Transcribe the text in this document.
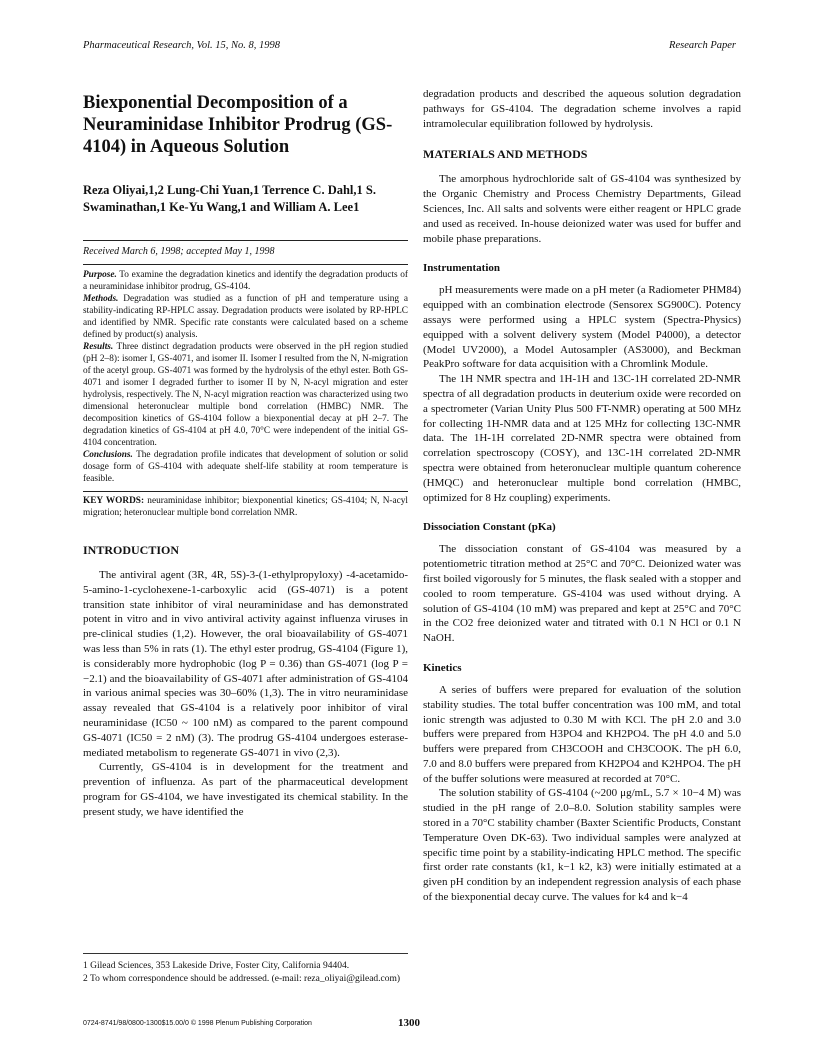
Pharmaceutical Research, Vol. 15, No. 8, 1998	Research Paper
Biexponential Decomposition of a Neuraminidase Inhibitor Prodrug (GS-4104) in Aqueous Solution
Reza Oliyai,1,2 Lung-Chi Yuan,1 Terrence C. Dahl,1 S. Swaminathan,1 Ke-Yu Wang,1 and William A. Lee1
Received March 6, 1998; accepted May 1, 1998

Purpose. To examine the degradation kinetics and identify the degradation products of a neuraminidase inhibitor prodrug, GS-4104.

Methods. Degradation was studied as a function of pH and temperature using a stability-indicating RP-HPLC assay. Degradation products were isolated by RP-HPLC and identified by NMR. Specific rate constants were calculated based on a scheme defined by product(s) analysis.

Results. Three distinct degradation products were observed in the pH region studied (pH 2–8): isomer I, GS-4071, and isomer II. Isomer I resulted from the N, N-migration of the acetyl group. GS-4071 was formed by the hydrolysis of the ethyl ester. Both GS-4071 and isomer I degraded further to isomer II by N, N-acyl migration and ester hydrolysis, respectively. The N, N-acyl migration reaction was characterized using two dimensional heteronuclear multiple bond correlation (HMBC) NMR. The decomposition kinetics of GS-4104 follow a biexponential decay at pH 2–7. The degradation kinetics of GS-4104 at pH 4.0, 70°C were independent of the initial GS-4104 concentration.

Conclusions. The degradation profile indicates that development of solution or solid dosage form of GS-4104 with adequate shelf-life stability at room temperature is feasible.

KEY WORDS: neuraminidase inhibitor; biexponential kinetics; GS-4104; N, N-acyl migration; heteronuclear multiple bond correlation NMR.
INTRODUCTION

The antiviral agent (3R, 4R, 5S)-3-(1-ethylpropyloxy) -4-acetamido-5-amino-1-cyclohexene-1-carboxylic acid (GS-4071) is a potent transition state inhibitor of viral neuraminidase and has demonstrated potent in vitro and in vivo antiviral activity against influenza viruses in pre-clinical studies (1,2). However, the oral bioavailability of GS-4071 was less than 5% in rats (1). The ethyl ester prodrug, GS-4104 (Figure 1), is considerably more hydrophobic (log P = 0.36) than GS-4071 (log P = −2.1) and the bioavailability of GS-4071 after administration of GS-4104 in various animal species was 30–60% (1,3). The in vitro neuraminidase assay revealed that GS-4104 is a relatively poor inhibitor of viral neuraminidase (IC50 ~ 100 nM) as compared to the parent compound GS-4071 (IC50 = 2 nM) (3). The prodrug GS-4104 undergoes esterase-mediated metabolism to regenerate GS-4071 in vivo (2,3).

Currently, GS-4104 is in development for the treatment and prevention of influenza. As part of the pharmaceutical development program for GS-4104, we have investigated its chemical stability. In the present study, we have identified the

degradation products and described the aqueous solution degradation pathways for GS-4104. The degradation scheme involves a rapid intramolecular equilibration followed by hydrolysis.

MATERIALS AND METHODS

The amorphous hydrochloride salt of GS-4104 was synthesized by the Organic Chemistry and Process Chemistry Departments, Gilead Sciences, Inc. All salts and solvents were either reagent or HPLC grade and used as received. In-house deionized water was used for buffer and mobile phase preparations.

Instrumentation

pH measurements were made on a pH meter (a Radiometer PHM84) equipped with an combination electrode (Sensorex SG900C). Potency assays were performed using a HPLC system (Spectra-Physics) equipped with a solvent delivery system (Model P4000), a detector (Model UV2000), a Model Autosampler (AS3000), and Beckman PeakPro software for data acquisition with a Chromlink Module.

The 1H NMR spectra and 1H-1H and 13C-1H correlated 2D-NMR spectra of all degradation products in deuterium oxide were recorded on a spectrometer (Varian Unity Plus 500 FT-NMR) operating at 500 MHz for collecting 1H-NMR data and at 125 MHz for collecting 13C-NMR data. The 1H-1H correlated 2D-NMR spectra were obtained from correlation spectroscopy (COSY), and 13C-1H correlated 2D-NMR spectra were obtained from heteronuclear multiple quantum coherence (HMQC) and heteronuclear multiple bond correlation (HMBC, optimized for 8 Hz coupling) experiments.

Dissociation Constant (pKa)

The dissociation constant of GS-4104 was measured by a potentiometric titration method at 25°C and 70°C. Deionized water was first boiled vigorously for 5 minutes, the flask sealed with a stopper and cooled to room temperature. GS-4104 was used without drying. A solution of GS-4104 (10 mM) was prepared and kept at 25°C and 70°C in the CO2 free deionized water and titrated with 0.1 N HCl or 0.1 N NaOH.

Kinetics

A series of buffers were prepared for evaluation of the solution stability studies. The total buffer concentration was 100 mM, and total ionic strength was adjusted to 0.30 M with KCl. The pH 2.0 and 3.0 buffers were prepared from H3PO4 and KH2PO4. The pH 4.0 and 5.0 buffers were prepared from CH3COOH and CH3COOK. The pH 6.0, 7.0 and 8.0 buffers were prepared from KH2PO4 and K2HPO4. The pH of the buffer solutions were measured at recorded at 70°C.

The solution stability of GS-4104 (~200 μg/mL, 5.7 × 10−4 M) was studied in the pH range of 2.0–8.0. Solution stability samples were stored in a 70°C stability chamber (Baxter Scientific Products, Constant Temperature Oven DK-63). Two individual samples were analyzed at specific time point by a stability-indicating HPLC method. The specific first order rate constants (k1, k−1 k2, k3) were initially estimated at a given pH condition by an independent regression analysis of each phase of the biexponential decay curve. The values for k4 and k−4

1 Gilead Sciences, 353 Lakeside Drive, Foster City, California 94404.

2 To whom correspondence should be addressed. (e-mail: reza_oliyai@gilead.com)

0724-8741/98/0800-1300$15.00/0 © 1998 Plenum Publishing Corporation	1300
